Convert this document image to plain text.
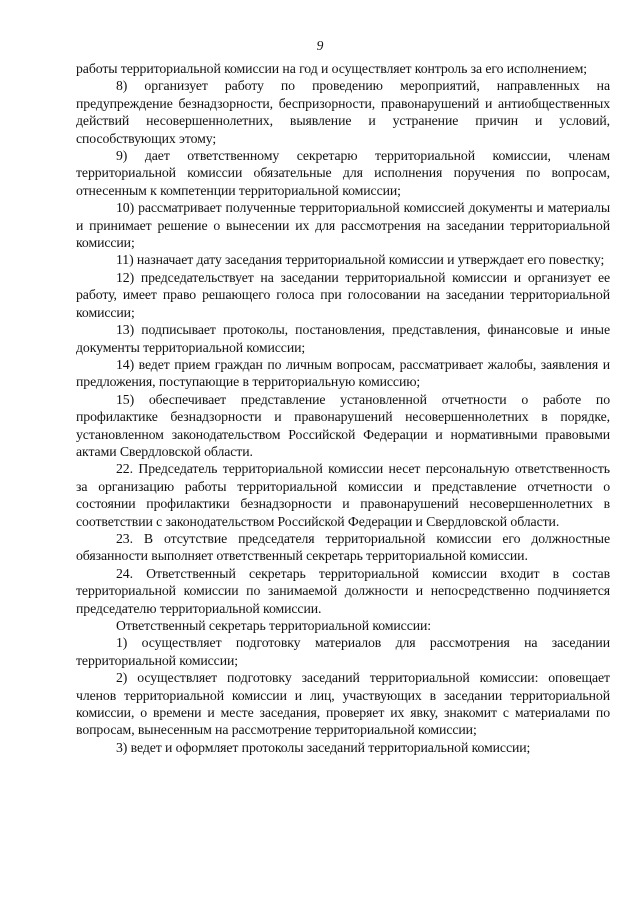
9

работы территориальной комиссии на год и осуществляет контроль за его исполнением;

8) организует работу по проведению мероприятий, направленных на предупреждение безнадзорности, беспризорности, правонарушений и антиобщественных действий несовершеннолетних, выявление и устранение причин и условий, способствующих этому;

9) дает ответственному секретарю территориальной комиссии, членам территориальной комиссии обязательные для исполнения поручения по вопросам, отнесенным к компетенции территориальной комиссии;

10) рассматривает полученные территориальной комиссией документы и материалы и принимает решение о вынесении их для рассмотрения на заседании территориальной комиссии;

11) назначает дату заседания территориальной комиссии и утверждает его повестку;

12) председательствует на заседании территориальной комиссии и организует ее работу, имеет право решающего голоса при голосовании на заседании территориальной комиссии;

13) подписывает протоколы, постановления, представления, финансовые и иные документы территориальной комиссии;

14) ведет прием граждан по личным вопросам, рассматривает жалобы, заявления и предложения, поступающие в территориальную комиссию;

15) обеспечивает представление установленной отчетности о работе по профилактике безнадзорности и правонарушений несовершеннолетних в порядке, установленном законодательством Российской Федерации и нормативными правовыми актами Свердловской области.

22. Председатель территориальной комиссии несет персональную ответственность за организацию работы территориальной комиссии и представление отчетности о состоянии профилактики безнадзорности и правонарушений несовершеннолетних в соответствии с законодательством Российской Федерации и Свердловской области.

23. В отсутствие председателя территориальной комиссии его должностные обязанности выполняет ответственный секретарь территориальной комиссии.

24. Ответственный секретарь территориальной комиссии входит в состав территориальной комиссии по занимаемой должности и непосредственно подчиняется председателю территориальной комиссии.

Ответственный секретарь территориальной комиссии:

1) осуществляет подготовку материалов для рассмотрения на заседании территориальной комиссии;

2) осуществляет подготовку заседаний территориальной комиссии: оповещает членов территориальной комиссии и лиц, участвующих в заседании территориальной комиссии, о времени и месте заседания, проверяет их явку, знакомит с материалами по вопросам, вынесенным на рассмотрение территориальной комиссии;

3) ведет и оформляет протоколы заседаний территориальной комиссии;
